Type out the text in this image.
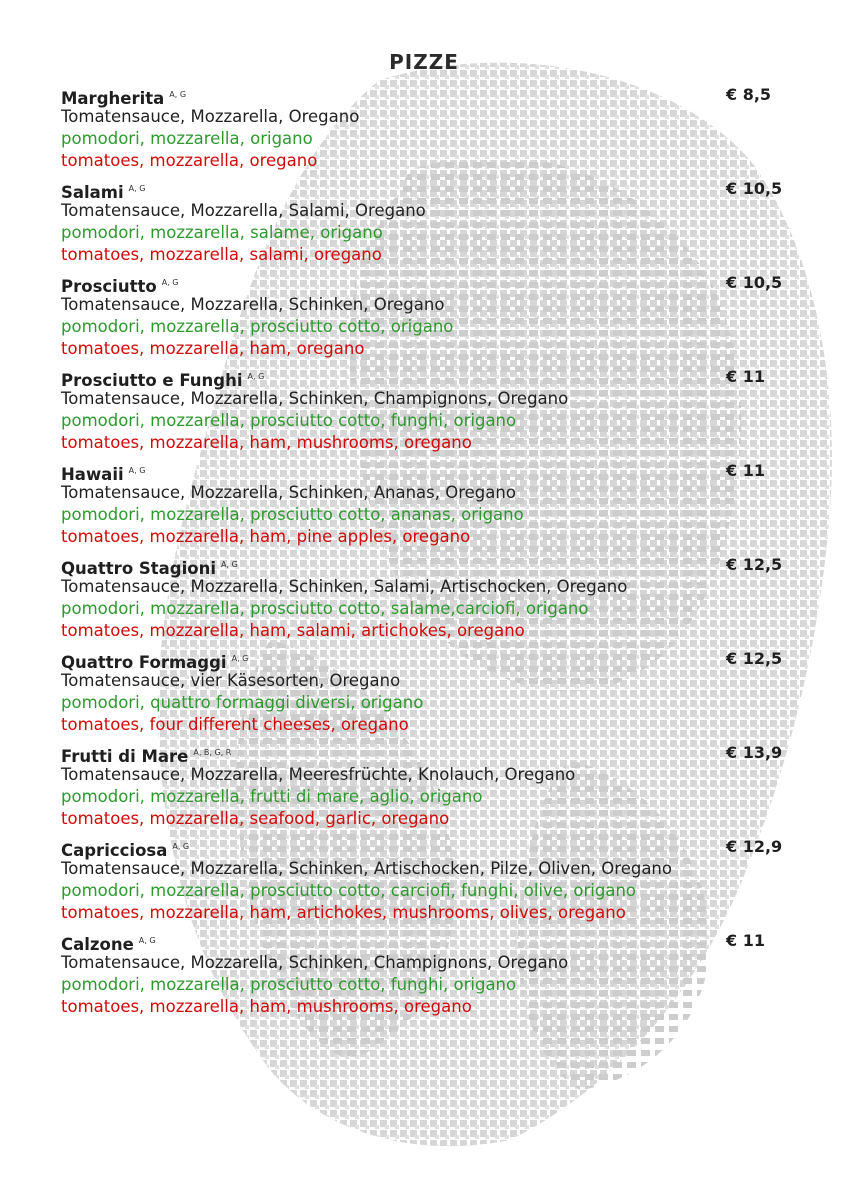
PIZZE
Margherita $^{A, G}$	€ 8,5
Tomatensauce, Mozzarella, Oregano
pomodori, mozzarella, origano
tomatoes, mozzarella, oregano
Salami $^{A, G}$	€ 10,5
Tomatensauce, Mozzarella, Salami, Oregano
pomodori, mozzarella, salame, origano
tomatoes, mozzarella, salami, oregano
Prosciutto $^{A, G}$	€ 10,5
Tomatensauce, Mozzarella, Schinken, Oregano
pomodori, mozzarella, prosciutto cotto, origano
tomatoes, mozzarella, ham, oregano
Prosciutto e Funghi $^{A, G}$	€ 11
Tomatensauce, Mozzarella, Schinken, Champignons, Oregano
pomodori, mozzarella, prosciutto cotto, funghi, origano
tomatoes, mozzarella, ham, mushrooms, oregano
Hawaii $^{A, G}$	€ 11
Tomatensauce, Mozzarella, Schinken, Ananas, Oregano
pomodori, mozzarella, prosciutto cotto, ananas, origano
tomatoes, mozzarella, ham, pine apples, oregano
Quattro Stagioni $^{A, G}$	€ 12,5
Tomatensauce, Mozzarella, Schinken, Salami, Artischocken, Oregano
pomodori, mozzarella, prosciutto cotto, salame,carciofi, origano
tomatoes, mozzarella, ham, salami, artichokes, oregano
Quattro Formaggi $^{A, G}$	€ 12,5
Tomatensauce, vier Käsesorten, Oregano
pomodori, quattro formaggi diversi, origano
tomatoes, four different cheeses, oregano
Frutti di Mare $^{A, B, G, R}$	€ 13,9
Tomatensauce, Mozzarella, Meeresfrüchte, Knolauch, Oregano
pomodori, mozzarella, frutti di mare, aglio, origano
tomatoes, mozzarella, seafood, garlic, oregano
Capricciosa $^{A, G}$	€ 12,9
Tomatensauce, Mozzarella, Schinken, Artischocken, Pilze, Oliven, Oregano
pomodori, mozzarella, prosciutto cotto, carciofi, funghi, olive, origano
tomatoes, mozzarella, ham, artichokes, mushrooms, olives, oregano
Calzone $^{A, G}$	€ 11
Tomatensauce, Mozzarella, Schinken, Champignons, Oregano
pomodori, mozzarella, prosciutto cotto, funghi, origano
tomatoes, mozzarella, ham, mushrooms, oregano
